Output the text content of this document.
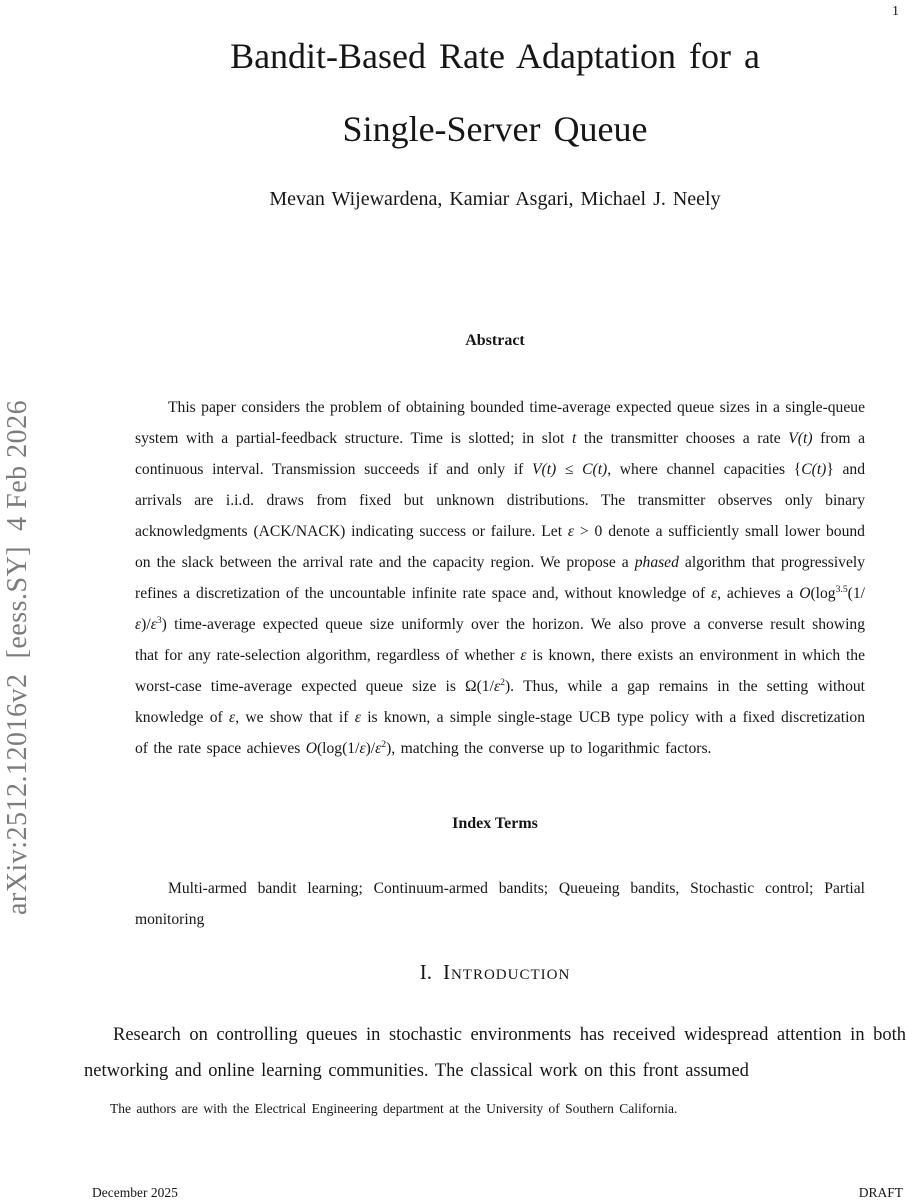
1
arXiv:2512.12016v2  [eess.SY]  4 Feb 2026
Bandit-Based Rate Adaptation for a
Single-Server Queue
Mevan Wijewardena, Kamiar Asgari, Michael J. Neely
Abstract

This paper considers the problem of obtaining bounded time-average expected queue sizes in a single-queue system with a partial-feedback structure. Time is slotted; in slot t the transmitter chooses a rate V(t) from a continuous interval. Transmission succeeds if and only if V(t) ≤ C(t), where channel capacities {C(t)} and arrivals are i.i.d. draws from fixed but unknown distributions. The transmitter observes only binary acknowledgments (ACK/NACK) indicating success or failure. Let ε > 0 denote a sufficiently small lower bound on the slack between the arrival rate and the capacity region. We propose a phased algorithm that progressively refines a discretization of the uncountable infinite rate space and, without knowledge of ε, achieves a $O(\log^{3.5}(1/\varepsilon)/\varepsilon^3)$ time-average expected queue size uniformly over the horizon. We also prove a converse result showing that for any rate-selection algorithm, regardless of whether ε is known, there exists an environment in which the worst-case time-average expected queue size is $\Omega(1/\varepsilon^2)$. Thus, while a gap remains in the setting without knowledge of ε, we show that if ε is known, a simple single-stage UCB type policy with a fixed discretization of the rate space achieves $O(\log(1/\varepsilon)/\varepsilon^2)$, matching the converse up to logarithmic factors.

Index Terms

Multi-armed bandit learning; Continuum-armed bandits; Queueing bandits, Stochastic control; Partial monitoring

I. Introduction

Research on controlling queues in stochastic environments has received widespread attention in both networking and online learning communities. The classical work on this front assumed

The authors are with the Electrical Engineering department at the University of Southern California.
December 2025	DRAFT
